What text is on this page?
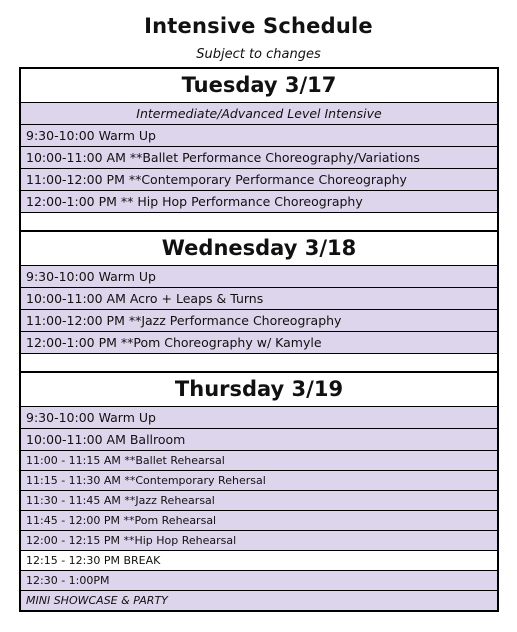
Intensive Schedule
Subject to changes
Tuesday 3/17
Intermediate/Advanced Level Intensive
9:30-10:00 Warm Up
10:00-11:00 AM **Ballet Performance Choreography/Variations
11:00-12:00 PM **Contemporary Performance Choreography
12:00-1:00 PM ** Hip Hop Performance Choreography
Wednesday 3/18
9:30-10:00 Warm Up
10:00-11:00 AM Acro + Leaps & Turns
11:00-12:00 PM **Jazz Performance Choreography
12:00-1:00 PM **Pom Choreography w/ Kamyle
Thursday 3/19
9:30-10:00 Warm Up
10:00-11:00 AM Ballroom
11:00 - 11:15 AM **Ballet Rehearsal
11:15 - 11:30 AM **Contemporary Rehersal
11:30 - 11:45 AM **Jazz Rehearsal
11:45 - 12:00 PM **Pom Rehearsal
12:00 - 12:15 PM **Hip Hop Rehearsal
12:15 - 12:30 PM BREAK
12:30 - 1:00PM
MINI SHOWCASE & PARTY
